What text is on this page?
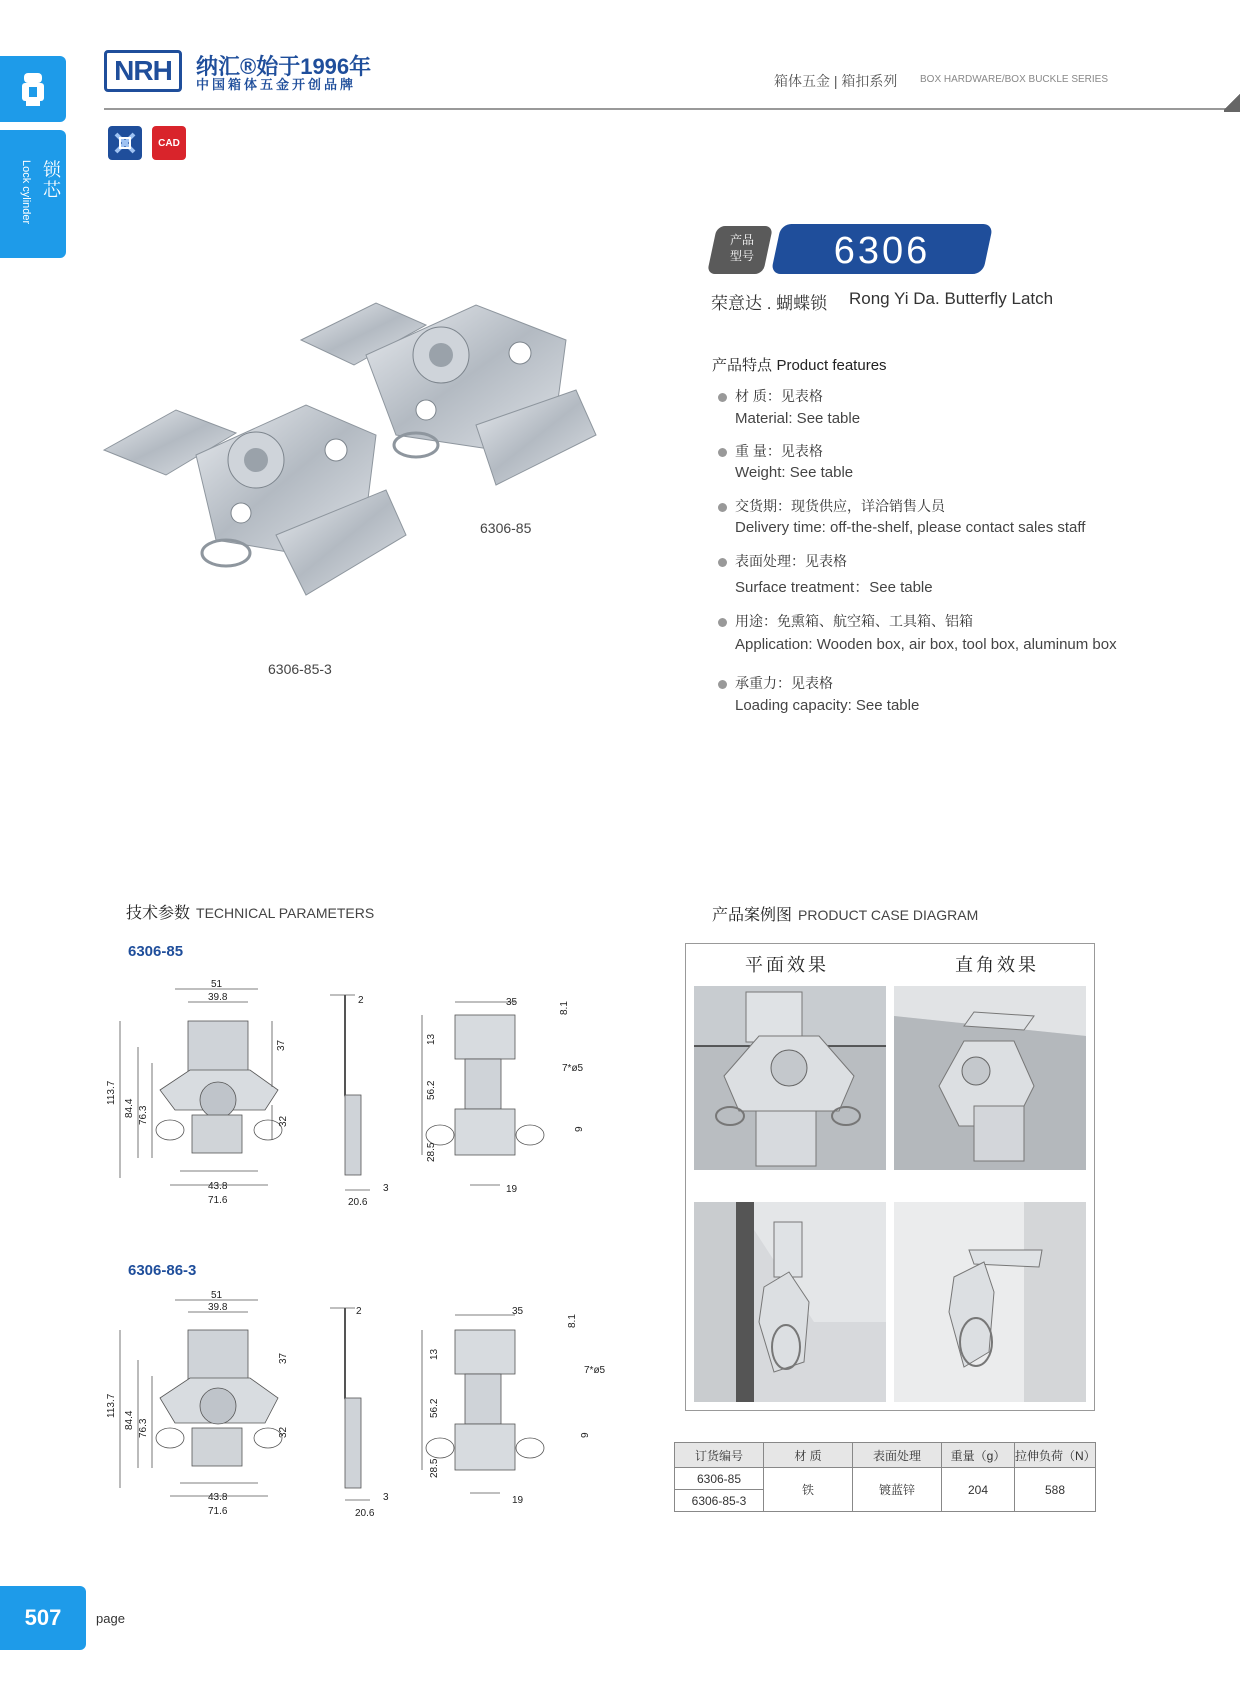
锁芯
Lock cylinder
NRH	纳汇®始于1996年
中国箱体五金开创品牌	箱体五金 | 箱扣系列 BOX HARDWARE/BOX BUCKLE SERIES
CAD
6306-85
6306-85-3
产品
型号	6306
荣意达 . 蝴蝶锁 Rong Yi Da. Butterfly Latch
产品特点 Product features
材 质：见表格
Material: See table
重 量：见表格
Weight: See table
交货期：现货供应，详洽销售人员
Delivery time: off-the-shelf, please contact sales staff
表面处理：见表格
Surface treatment：See table
用途：免熏箱、航空箱、工具箱、铝箱
Application: Wooden box, air box, tool box, aluminum box
承重力：见表格
Loading capacity: See table
技术参数 TECHNICAL PARAMETERS
6306-85
6306-86-3
51
39.8
37
113.7
84.4 76.3	32
43.8
71.6
2
20.6
3
35	8.1
13
7*ø5
56.2
9
28.5
19
51
39.8
37
113.7
84.4 76.3	32
43.8
71.6
2
20.6
3
35
8.1
13
7*ø5
56.2
9
28.5
19
产品案例图 PRODUCT CASE DIAGRAM
平面效果	直角效果
订货编号	材 质	表面处理	重量（g）	拉伸负荷（N）
6306-85	铁	镀蓝锌	204	588
6306-85-3				
507	page
